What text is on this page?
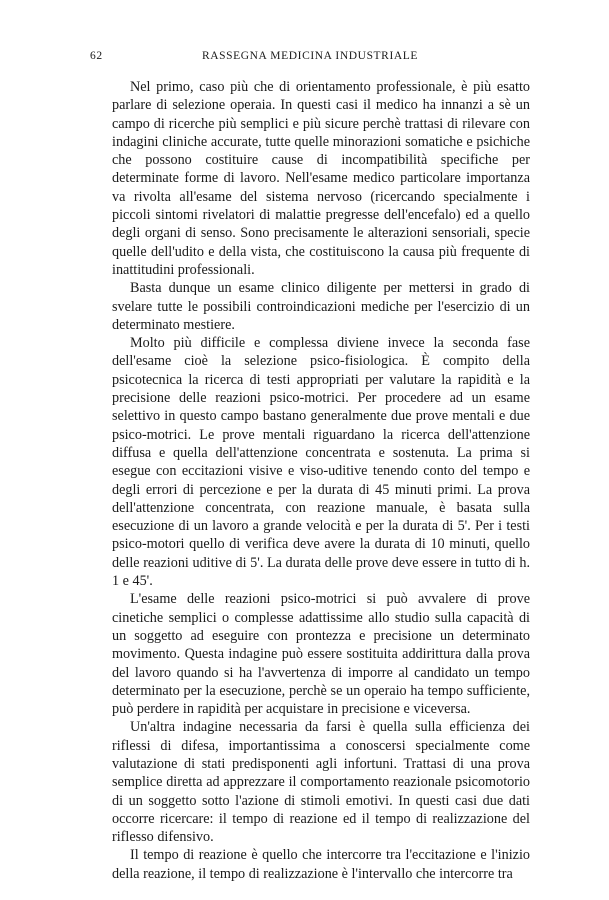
62	RASSEGNA MEDICINA INDUSTRIALE

Nel primo, caso più che di orientamento professionale, è più esatto parlare di selezione operaia. In questi casi il medico ha innanzi a sè un campo di ricerche più semplici e più sicure perchè trattasi di rilevare con indagini cliniche accurate, tutte quelle minorazioni somatiche e psichiche che possono costituire cause di incompatibilità specifiche per determinate forme di lavoro. Nell'esame medico particolare importanza va rivolta all'esame del sistema nervoso (ricercando specialmente i piccoli sintomi rivelatori di malattie pregresse dell'encefalo) ed a quello degli organi di senso. Sono precisamente le alterazioni sensoriali, specie quelle dell'udito e della vista, che costituiscono la causa più frequente di inattitudini professionali.

Basta dunque un esame clinico diligente per mettersi in grado di svelare tutte le possibili controindicazioni mediche per l'esercizio di un determinato mestiere.

Molto più difficile e complessa diviene invece la seconda fase dell'esame cioè la selezione psico-fisiologica. È compito della psicotecnica la ricerca di testi appropriati per valutare la rapidità e la precisione delle reazioni psico-motrici. Per procedere ad un esame selettivo in questo campo bastano generalmente due prove mentali e due psico-motrici. Le prove mentali riguardano la ricerca dell'attenzione diffusa e quella dell'attenzione concentrata e sostenuta. La prima si esegue con eccitazioni visive e viso-uditive tenendo conto del tempo e degli errori di percezione e per la durata di 45 minuti primi. La prova dell'attenzione concentrata, con reazione manuale, è basata sulla esecuzione di un lavoro a grande velocità e per la durata di 5'. Per i testi psico-motori quello di verifica deve avere la durata di 10 minuti, quello delle reazioni uditive di 5'. La durata delle prove deve essere in tutto di h. 1 e 45'.

L'esame delle reazioni psico-motrici si può avvalere di prove cinetiche semplici o complesse adattissime allo studio sulla capacità di un soggetto ad eseguire con prontezza e precisione un determinato movimento. Questa indagine può essere sostituita addirittura dalla prova del lavoro quando si ha l'avvertenza di imporre al candidato un tempo determinato per la esecuzione, perchè se un operaio ha tempo sufficiente, può perdere in rapidità per acquistare in precisione e viceversa.

Un'altra indagine necessaria da farsi è quella sulla efficienza dei riflessi di difesa, importantissima a conoscersi specialmente come valutazione di stati predisponenti agli infortuni. Trattasi di una prova semplice diretta ad apprezzare il comportamento reazionale psicomotorio di un soggetto sotto l'azione di stimoli emotivi. In questi casi due dati occorre ricercare: il tempo di reazione ed il tempo di realizzazione del riflesso difensivo.

Il tempo di reazione è quello che intercorre tra l'eccitazione e l'inizio della reazione, il tempo di realizzazione è l'intervallo che intercorre tra
